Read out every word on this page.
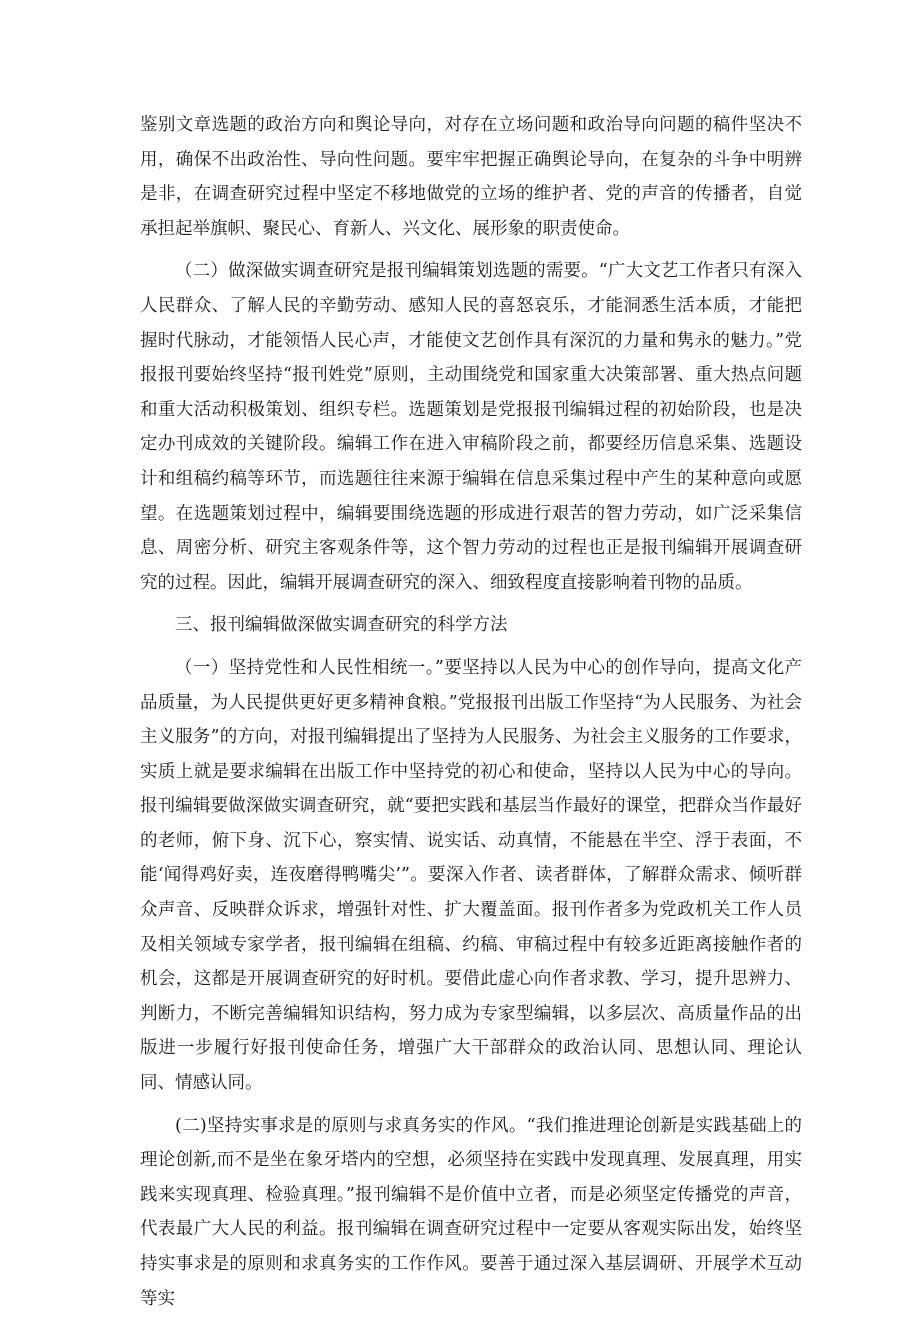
鉴别文章选题的政治方向和舆论导向，对存在立场问题和政治导向问题的稿件坚决不用，确保不出政治性、导向性问题。要牢牢把握正确舆论导向，在复杂的斗争中明辨是非，在调查研究过程中坚定不移地做党的立场的维护者、党的声音的传播者，自觉承担起举旗帜、聚民心、育新人、兴文化、展形象的职责使命。

（二）做深做实调查研究是报刊编辑策划选题的需要。“广大文艺工作者只有深入人民群众、了解人民的辛勤劳动、感知人民的喜怒哀乐，才能洞悉生活本质，才能把握时代脉动，才能领悟人民心声，才能使文艺创作具有深沉的力量和隽永的魅力。”党报报刊要始终坚持“报刊姓党”原则，主动围绕党和国家重大决策部署、重大热点问题和重大活动积极策划、组织专栏。选题策划是党报报刊编辑过程的初始阶段，也是决定办刊成效的关键阶段。编辑工作在进入审稿阶段之前，都要经历信息采集、选题设计和组稿约稿等环节，而选题往往来源于编辑在信息采集过程中产生的某种意向或愿望。在选题策划过程中，编辑要围绕选题的形成进行艰苦的智力劳动，如广泛采集信息、周密分析、研究主客观条件等，这个智力劳动的过程也正是报刊编辑开展调查研究的过程。因此，编辑开展调查研究的深入、细致程度直接影响着刊物的品质。

三、报刊编辑做深做实调查研究的科学方法

（一）坚持党性和人民性相统一。”要坚持以人民为中心的创作导向，提高文化产品质量，为人民提供更好更多精神食粮。”党报报刊出版工作坚持“为人民服务、为社会主义服务”的方向，对报刊编辑提出了坚持为人民服务、为社会主义服务的工作要求，实质上就是要求编辑在出版工作中坚持党的初心和使命，坚持以人民为中心的导向。报刊编辑要做深做实调查研究，就“要把实践和基层当作最好的课堂，把群众当作最好的老师，俯下身、沉下心，察实情、说实话、动真情，不能悬在半空、浮于表面，不能‘闻得鸡好卖，连夜磨得鸭嘴尖’”。要深入作者、读者群体，了解群众需求、倾听群众声音、反映群众诉求，增强针对性、扩大覆盖面。报刊作者多为党政机关工作人员及相关领域专家学者，报刊编辑在组稿、约稿、审稿过程中有较多近距离接触作者的机会，这都是开展调查研究的好时机。要借此虚心向作者求教、学习，提升思辨力、判断力，不断完善编辑知识结构，努力成为专家型编辑，以多层次、高质量作品的出版进一步履行好报刊使命任务，增强广大干部群众的政治认同、思想认同、理论认同、情感认同。

(二)坚持实事求是的原则与求真务实的作风。“我们推进理论创新是实践基础上的理论创新,而不是坐在象牙塔内的空想，必须坚持在实践中发现真理、发展真理，用实践来实现真理、检验真理。”报刊编辑不是价值中立者，而是必须坚定传播党的声音，代表最广大人民的利益。报刊编辑在调查研究过程中一定要从客观实际出发，始终坚持实事求是的原则和求真务实的工作作风。要善于通过深入基层调研、开展学术互动等实
